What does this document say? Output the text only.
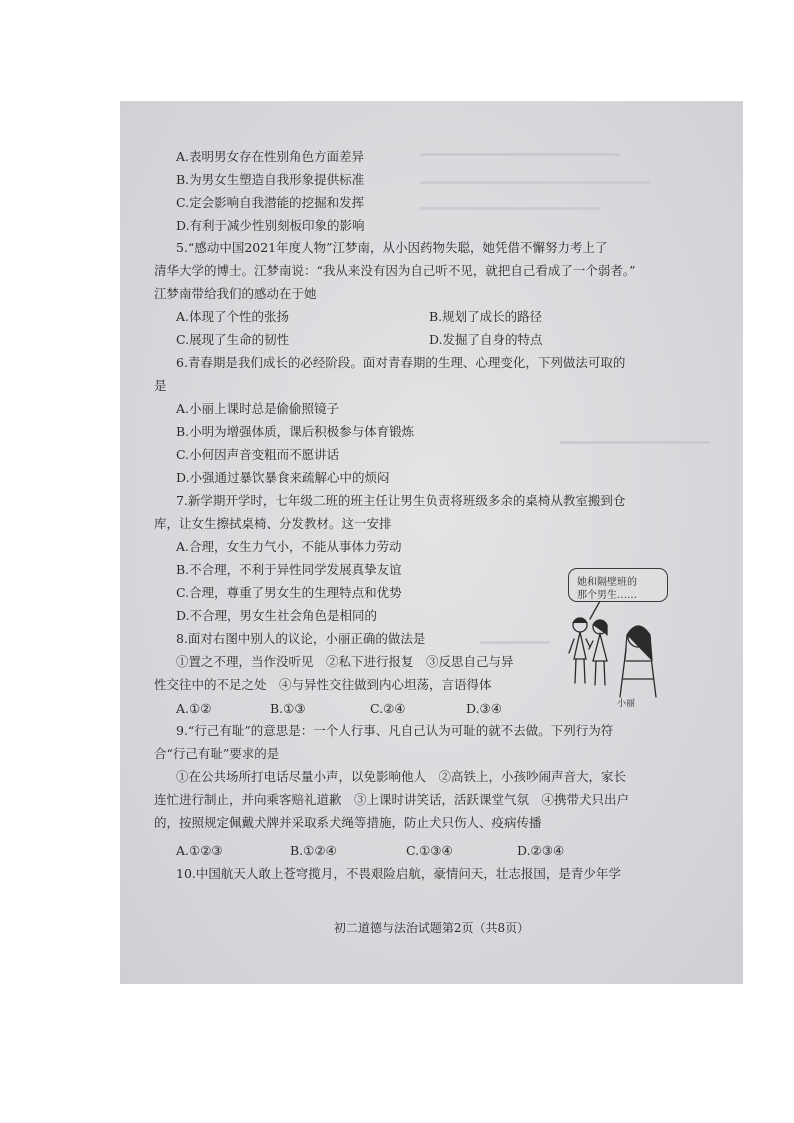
A.表明男女存在性别角色方面差异
B.为男女生塑造自我形象提供标准
C.定会影响自我潜能的挖掘和发挥
D.有利于减少性别刻板印象的影响
5.“感动中国2021年度人物”江梦南，从小因药物失聪，她凭借不懈努力考上了
清华大学的博士。江梦南说：“我从来没有因为自己听不见，就把自己看成了一个弱者。”
江梦南带给我们的感动在于她
6.青春期是我们成长的必经阶段。面对青春期的生理、心理变化，下列做法可取的
是
A.小丽上课时总是偷偷照镜子
B.小明为增强体质，课后积极参与体育锻炼
C.小何因声音变粗而不愿讲话
D.小强通过暴饮暴食来疏解心中的烦闷
7.新学期开学时，七年级二班的班主任让男生负责将班级多余的桌椅从教室搬到仓
库，让女生擦拭桌椅、分发教材。这一安排
A.合理，女生力气小，不能从事体力劳动
B.不合理，不利于异性同学发展真挚友谊
C.合理，尊重了男女生的生理特点和优势
D.不合理，男女生社会角色是相同的
8.面对右图中别人的议论，小丽正确的做法是
①置之不理，当作没听见　②私下进行报复　③反思自己与异
性交往中的不足之处　④与异性交往做到内心坦荡，言语得体
9.“行己有耻”的意思是：一个人行事、凡自己认为可耻的就不去做。下列行为符
合“行己有耻”要求的是
①在公共场所打电话尽量小声，以免影响他人　②高铁上，小孩吵闹声音大，家长
连忙进行制止，并向乘客赔礼道歉　③上课时讲笑话，活跃课堂气氛　④携带犬只出户
的，按照规定佩戴犬牌并采取系犬绳等措施，防止犬只伤人、疫病传播
10.中国航天人敢上苍穹揽月，不畏艰险启航，豪情问天，壮志报国，是青少年学
A.体现了个性的张扬	B.规划了成长的路径
C.展现了生命的韧性	D.发掘了自身的特点
A.①②	B.①③	C.②④	D.③④
A.①②③	B.①②④	C.①③④	D.②③④
她和隔壁班的
那个男生……
小丽
初二道德与法治试题第2页（共8页）
